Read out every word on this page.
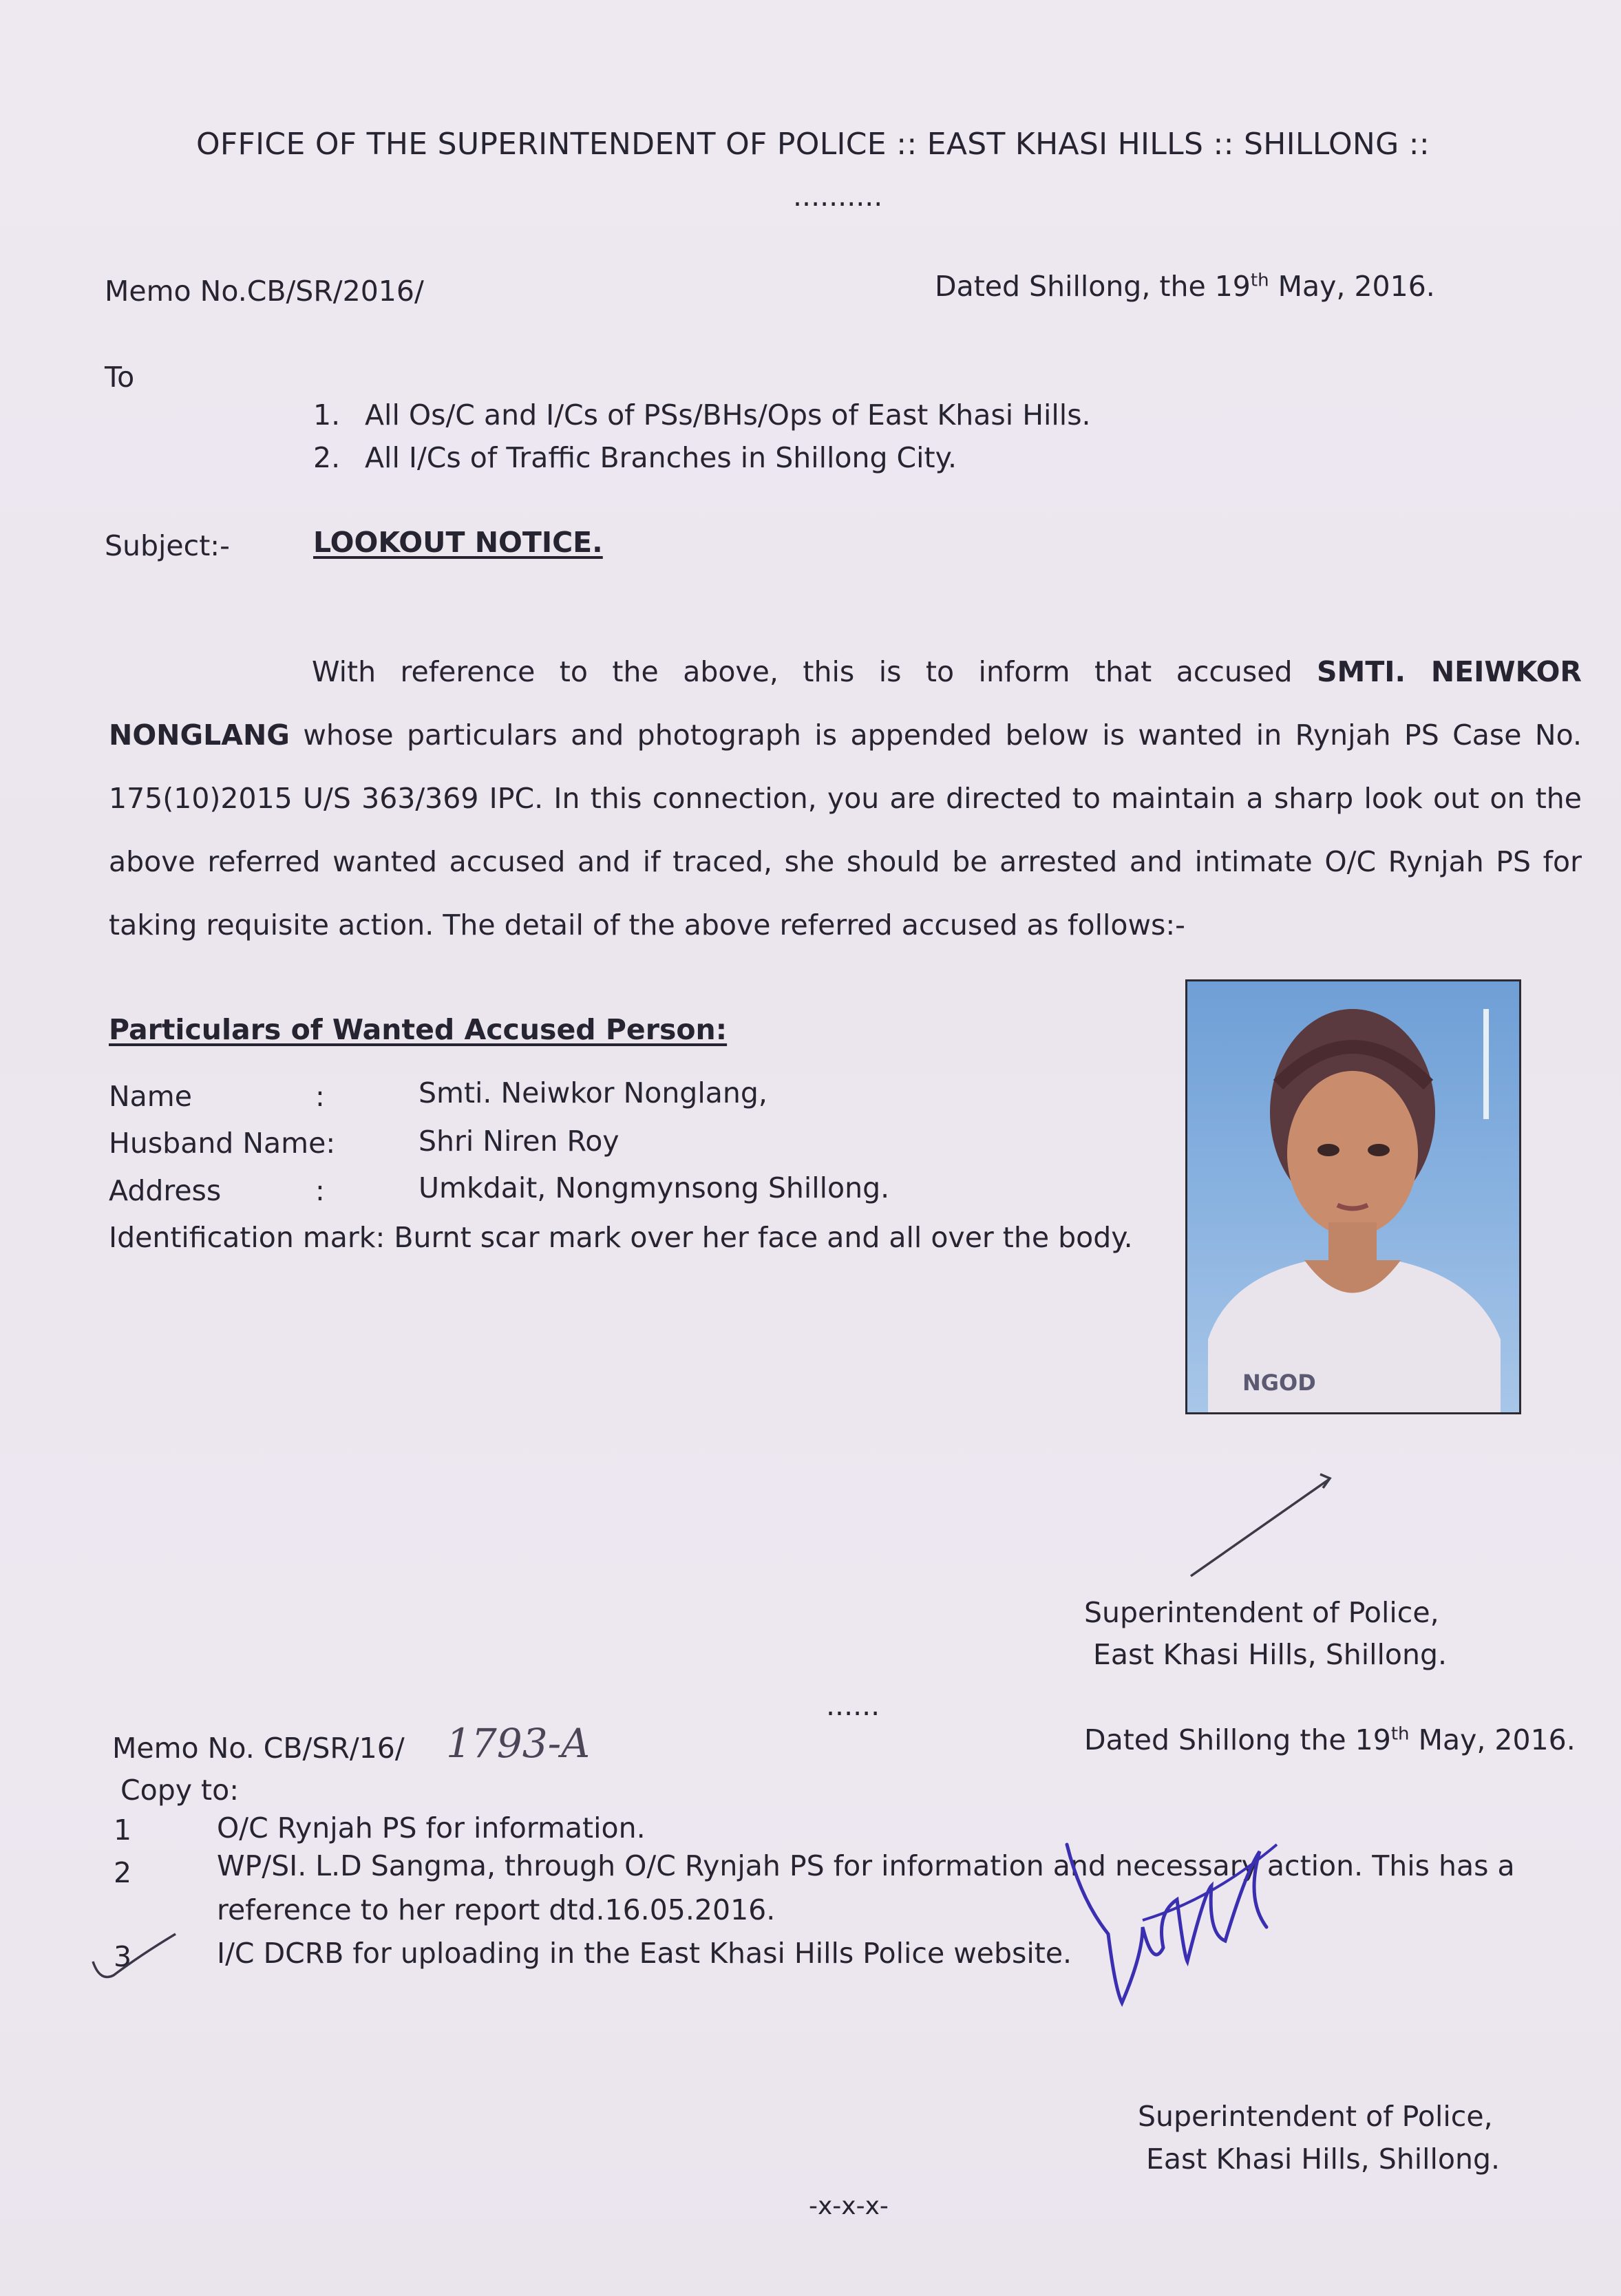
OFFICE OF THE SUPERINTENDENT OF POLICE :: EAST KHASI HILLS :: SHILLONG ::
..........
Memo No.CB/SR/2016/	Dated Shillong, the 19th May, 2016.
To
1. All Os/C and I/Cs of PSs/BHs/Ops of East Khasi Hills.
2. All I/Cs of Traffic Branches in Shillong City.
Subject:-	LOOKOUT NOTICE.
With reference to the above, this is to inform that accused SMTI. NEIWKOR NONGLANG whose particulars and photograph is appended below is wanted in Rynjah PS Case No. 175(10)2015 U/S 363/369 IPC. In this connection, you are directed to maintain a sharp look out on the above referred wanted accused and if traced, she should be arrested and intimate O/C Rynjah PS for taking requisite action. The detail of the above referred accused as follows:-
Particulars of Wanted Accused Person:
Name	:	Smti. Neiwkor Nonglang,
Husband Name:	Shri Niren Roy
Address	:	Umkdait, Nongmynsong Shillong.
Identification mark: Burnt scar mark over her face and all over the body.
NGOD
Superintendent of Police,
East Khasi Hills, Shillong.
......
Memo No. CB/SR/16/ 1793-A	Dated Shillong the 19th May, 2016.
Copy to:
1	O/C Rynjah PS for information.
2	WP/SI. L.D Sangma, through O/C Rynjah PS for information and necessary action. This has a
reference to her report dtd.16.05.2016.
3	I/C DCRB for uploading in the East Khasi Hills Police website.
Superintendent of Police,
East Khasi Hills, Shillong.
-x-x-x-
